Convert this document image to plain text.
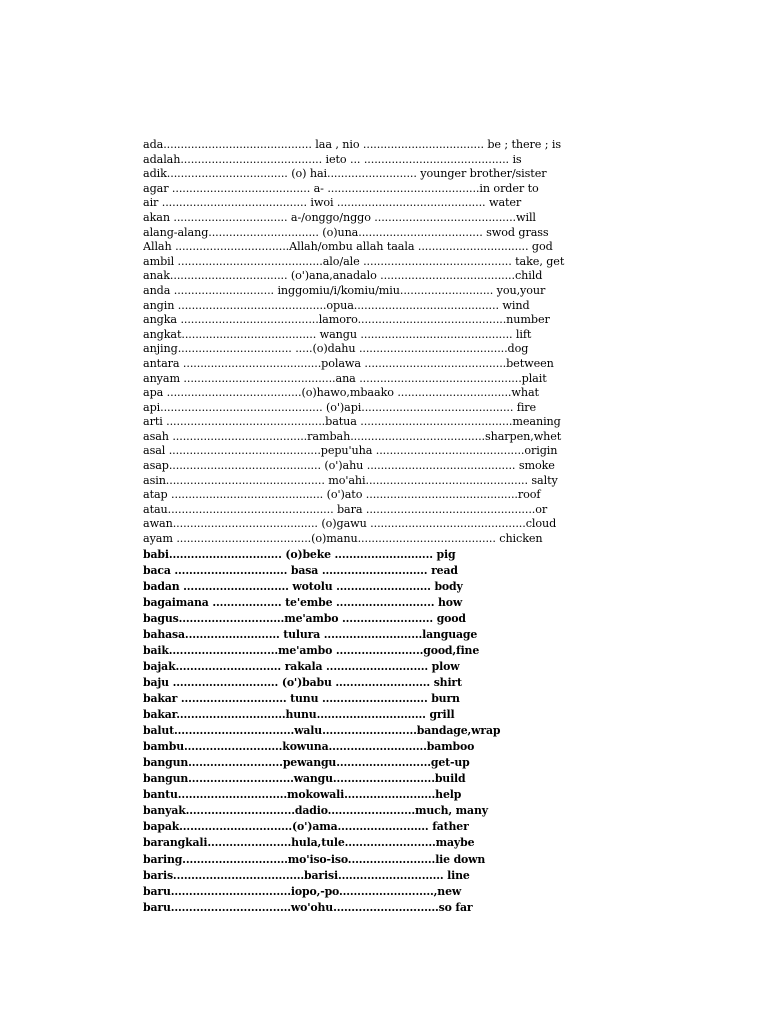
ada........................................... laa , nio ................................... be ; there ; is
adalah......................................... ieto ... .......................................... is
adik................................... (o) hai.......................... younger brother/sister
agar ........................................ a- ............................................in order to
air .......................................... iwoi ........................................... water
akan ................................. a-/onggo/nggo .........................................will
alang-alang................................ (o)una.................................... swod grass
Allah .................................Allah/ombu allah taala ................................ god
ambil ..........................................alo/ale ........................................... take, get
anak.................................. (o')ana,anadalo .......................................child
anda ............................. inggomiu/i/komiu/miu........................... you,your
angin ...........................................opua.......................................... wind
angka ........................................lamoro...........................................number
angkat....................................... wangu ............................................ lift
anjing................................. .....(o)dahu ...........................................dog
antara ........................................polawa .........................................between
anyam ............................................ana ...............................................plait
apa .......................................(o)hawo,mbaako .................................what
api............................................... (o')api............................................ fire
arti ..............................................batua ............................................meaning
asah .......................................rambah.......................................sharpen,whet
asal ............................................pepu'uha ...........................................origin
asap............................................ (o')ahu ........................................... smoke
asin.............................................. mo'ahi............................................... salty
atap ............................................ (o')ato ............................................roof
atau................................................ bara .................................................or
awan.......................................... (o)gawu .............................................cloud
ayam .......................................(o)manu........................................ chicken
babi............................... (o)beke ........................... pig
baca ............................... basa ............................. read
badan ............................. wotolu .......................... body
bagaimana ................... te'embe ........................... how
bagus.............................me'ambo ......................... good
bahasa.......................... tulura ...........................language
baik..............................me'ambo ........................good,fine
bajak............................. rakala ............................ plow
baju ............................. (o')babu .......................... shirt
bakar ............................. tunu ............................. burn
bakar..............................hunu.............................. grill
balut.................................walu..........................bandage,wrap
bambu...........................kowuna...........................bamboo
bangun..........................pewangu..........................get-up
bangun.............................wangu............................build
bantu..............................mokowali.........................help
banyak..............................dadio........................much, many
bapak...............................(o')ama......................... father
barangkali.......................hula,tule.........................maybe
baring.............................mo'iso-iso........................lie down
baris....................................barisi............................. line
baru.................................iopo,-po..........................,new
baru.................................wo'ohu.............................so far
